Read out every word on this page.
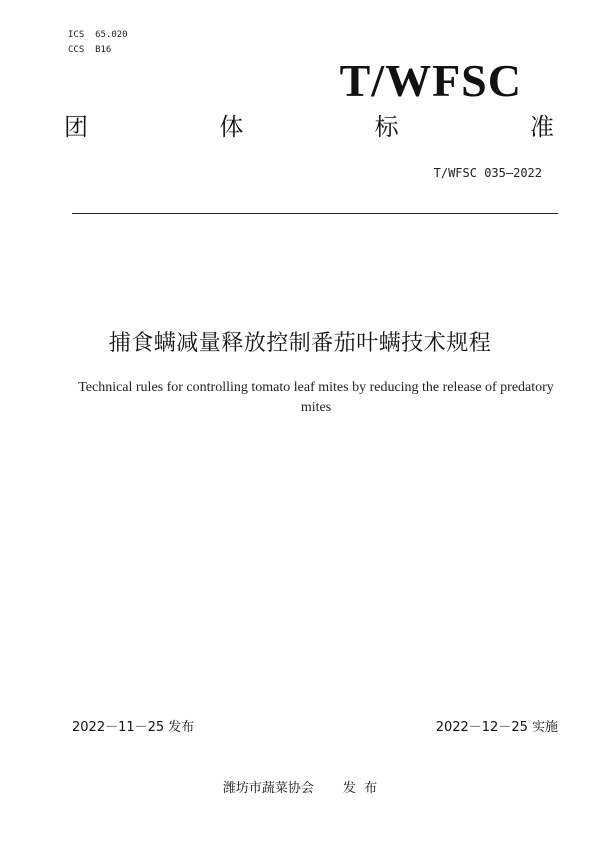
ICS  65.020
CCS  B16
T/WFSC
团	体	标	准
T/WFSC 035—2022
捕食螨减量释放控制番茄叶螨技术规程
Technical rules for controlling tomato leaf mites by reducing the release of predatory
mites
2022－11－25 发布	2022－12－25 实施
潍坊市蔬菜协会       发  布
